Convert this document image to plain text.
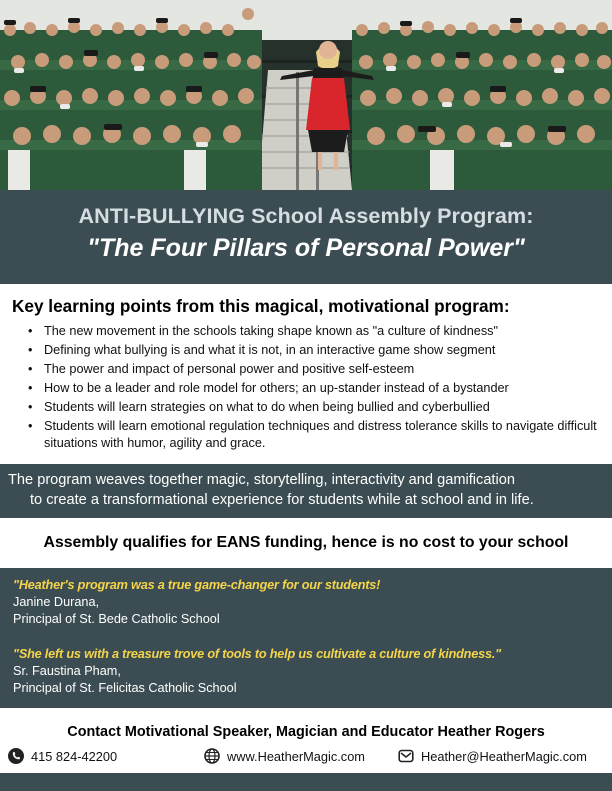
ANTI-BULLYING School Assembly Program:
"The Four Pillars of Personal Power"
Key learning points from this magical, motivational program:
• The new movement in the schools taking shape known as "a culture of kindness"
• Defining what bullying is and what it is not, in an interactive game show segment
• The power and impact of personal power and positive self-esteem
• How to be a leader and role model for others; an up-stander instead of a bystander
• Students will learn strategies on what to do when being bullied and cyberbullied
• Students will learn emotional regulation techniques and distress tolerance skills to navigate difficult situations with humor, agility and grace.
The program weaves together magic, storytelling, interactivity and gamification
to create a transformational experience for students while at school and in life.
Assembly qualifies for EANS funding, hence is no cost to your school
"Heather's program was a true game-changer for our students!
Janine Durana,
Principal of St. Bede Catholic School
"She left us with a treasure trove of tools to help us cultivate a culture of kindness."
Sr. Faustina Pham,
Principal of St. Felicitas Catholic School
Contact Motivational Speaker, Magician and Educator Heather Rogers
415 824-42200	www.HeatherMagic.com	Heather@HeatherMagic.com
